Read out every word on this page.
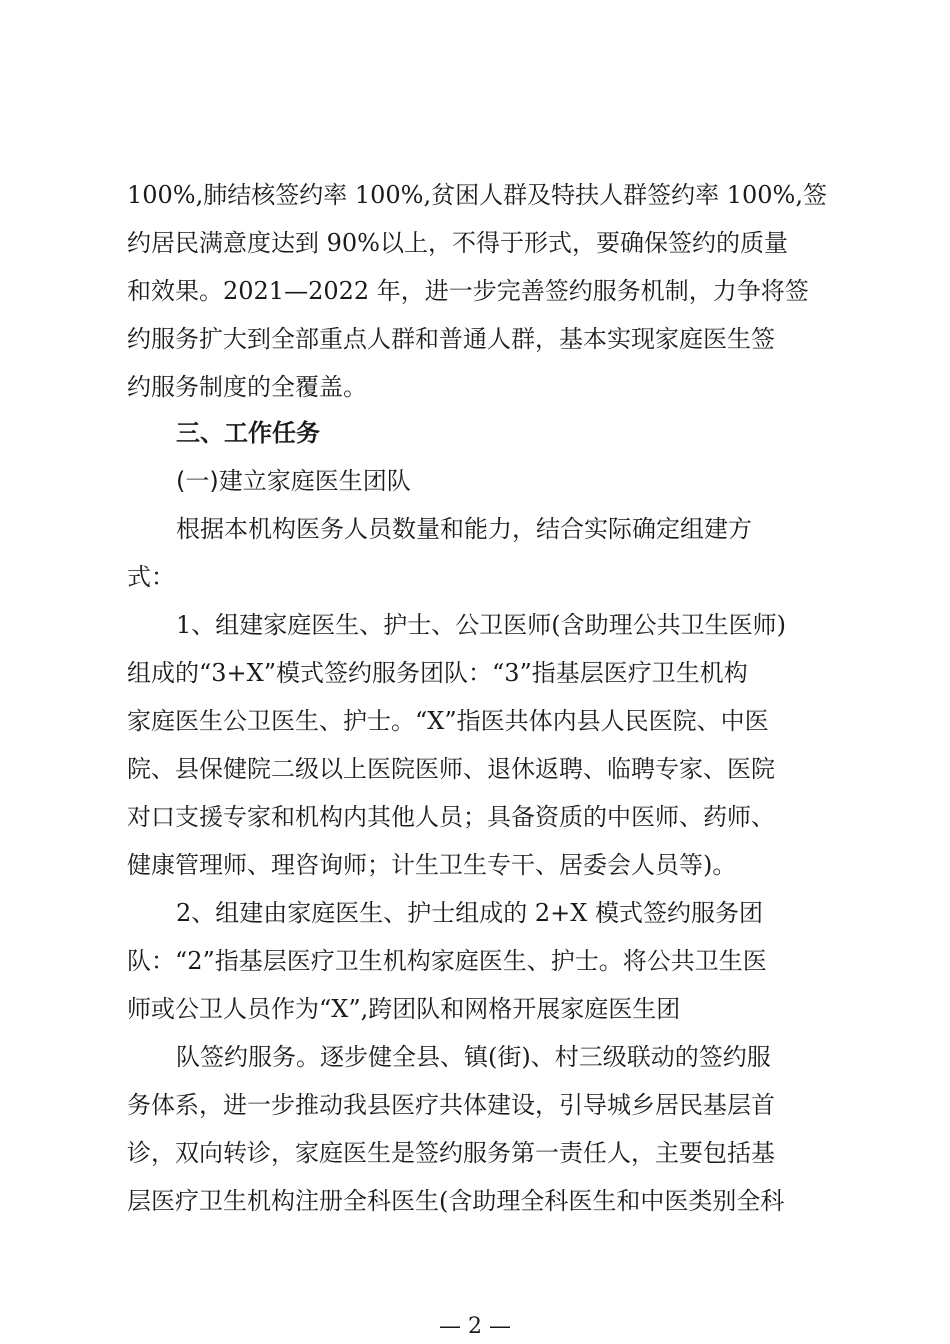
100%,肺结核签约率 100%,贫困人群及特扶人群签约率 100%,签
约居民满意度达到 90%以上，不得于形式，要确保签约的质量
和效果。2021—2022 年，进一步完善签约服务机制，力争将签
约服务扩大到全部重点人群和普通人群，基本实现家庭医生签
约服务制度的全覆盖。
三、工作任务
(一)建立家庭医生团队
根据本机构医务人员数量和能力，结合实际确定组建方
式：
1、组建家庭医生、护士、公卫医师(含助理公共卫生医师)
组成的“3+X”模式签约服务团队：“3”指基层医疗卫生机构
家庭医生公卫医生、护士。“X”指医共体内县人民医院、中医
院、县保健院二级以上医院医师、退休返聘、临聘专家、医院
对口支援专家和机构内其他人员；具备资质的中医师、药师、
健康管理师、理咨询师；计生卫生专干、居委会人员等)。
2、组建由家庭医生、护士组成的 2+X 模式签约服务团
队：“2”指基层医疗卫生机构家庭医生、护士。将公共卫生医
师或公卫人员作为“X”,跨团队和网格开展家庭医生团
队签约服务。逐步健全县、镇(街)、村三级联动的签约服
务体系，进一步推动我县医疗共体建设，引导城乡居民基层首
诊，双向转诊，家庭医生是签约服务第一责任人，主要包括基
层医疗卫生机构注册全科医生(含助理全科医生和中医类别全科
— 2 —
